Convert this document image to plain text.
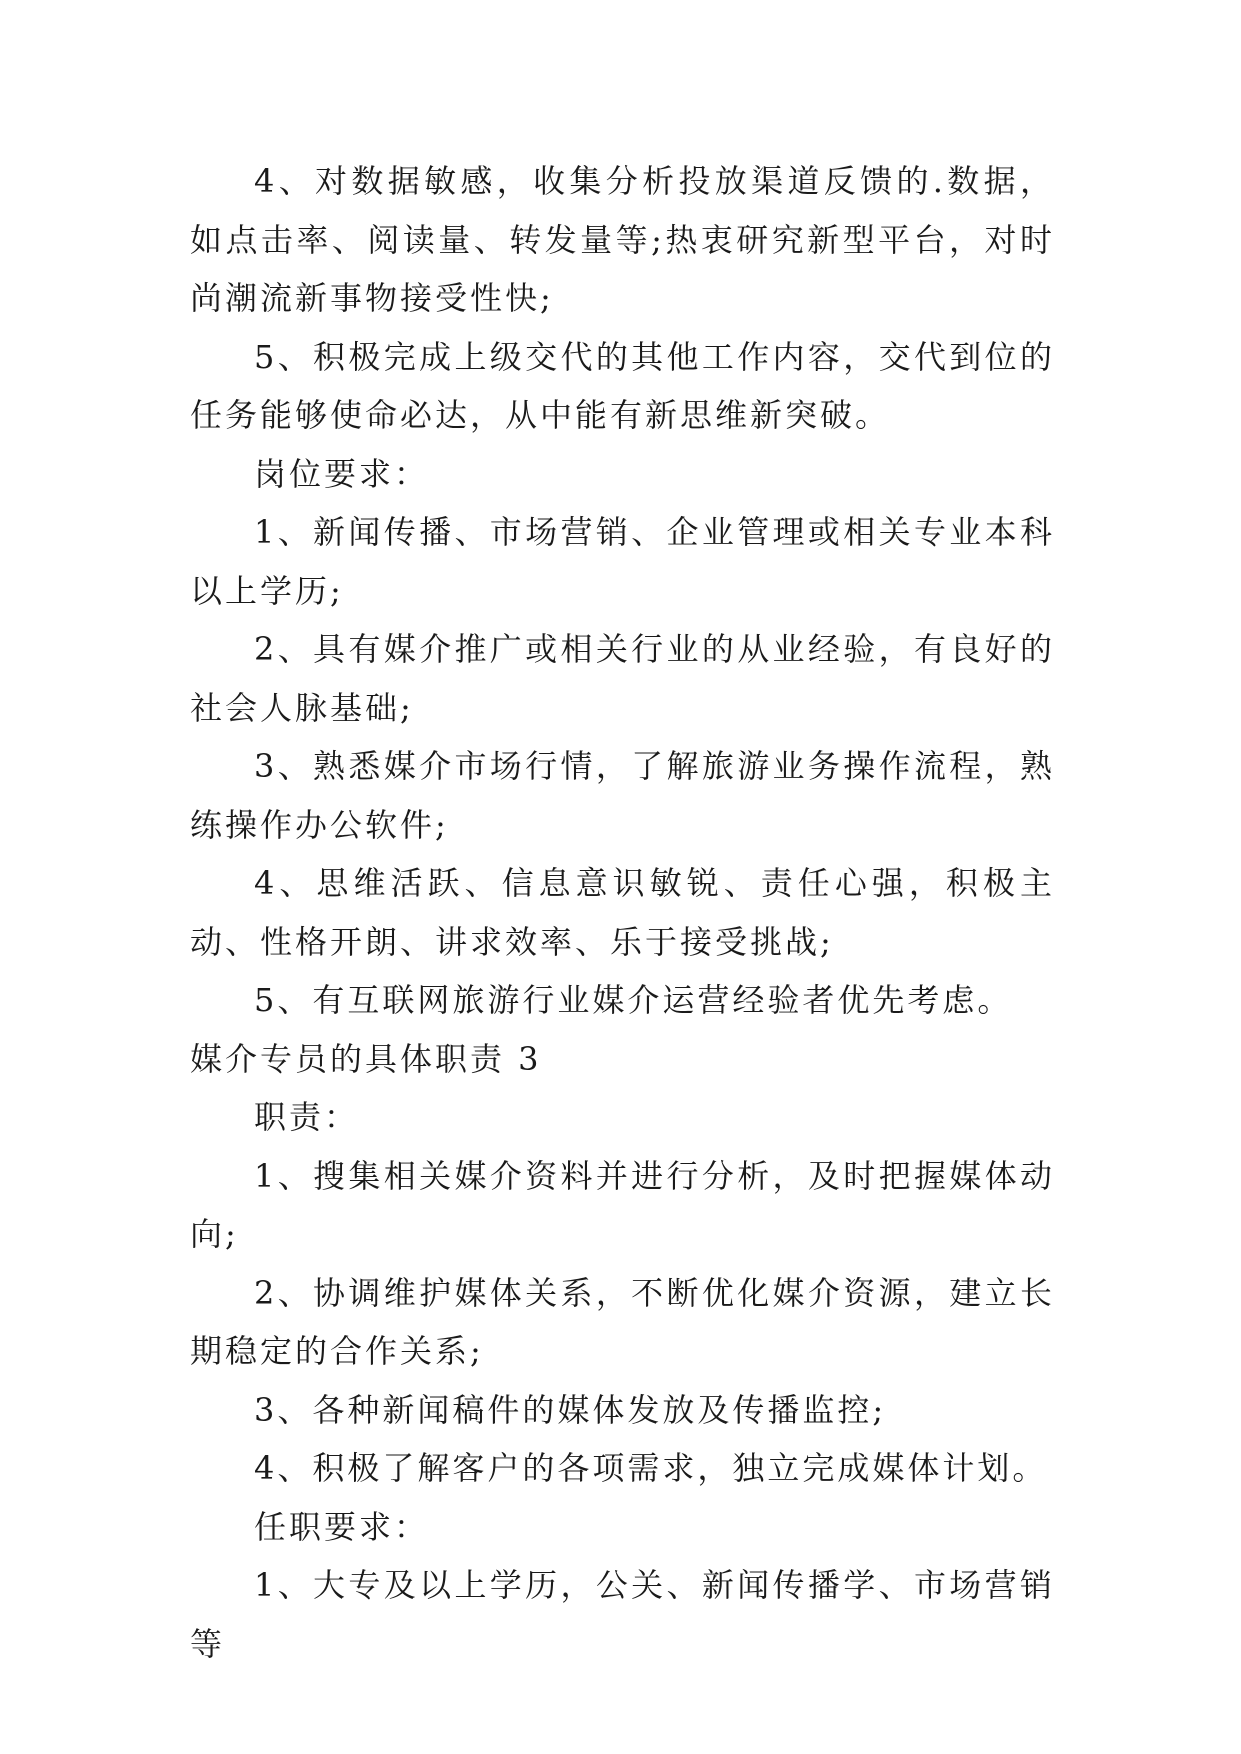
4、对数据敏感，收集分析投放渠道反馈的.数据，如点击率、阅读量、转发量等;热衷研究新型平台，对时尚潮流新事物接受性快;

5、积极完成上级交代的其他工作内容，交代到位的任务能够使命必达，从中能有新思维新突破。

岗位要求：

1、新闻传播、市场营销、企业管理或相关专业本科以上学历;

2、具有媒介推广或相关行业的从业经验，有良好的社会人脉基础;

3、熟悉媒介市场行情，了解旅游业务操作流程，熟练操作办公软件;

4、思维活跃、信息意识敏锐、责任心强，积极主动、性格开朗、讲求效率、乐于接受挑战;

5、有互联网旅游行业媒介运营经验者优先考虑。

媒介专员的具体职责 3

职责：

1、搜集相关媒介资料并进行分析，及时把握媒体动向;

2、协调维护媒体关系，不断优化媒介资源，建立长期稳定的合作关系;

3、各种新闻稿件的媒体发放及传播监控;

4、积极了解客户的各项需求，独立完成媒体计划。

任职要求：

1、大专及以上学历，公关、新闻传播学、市场营销等
